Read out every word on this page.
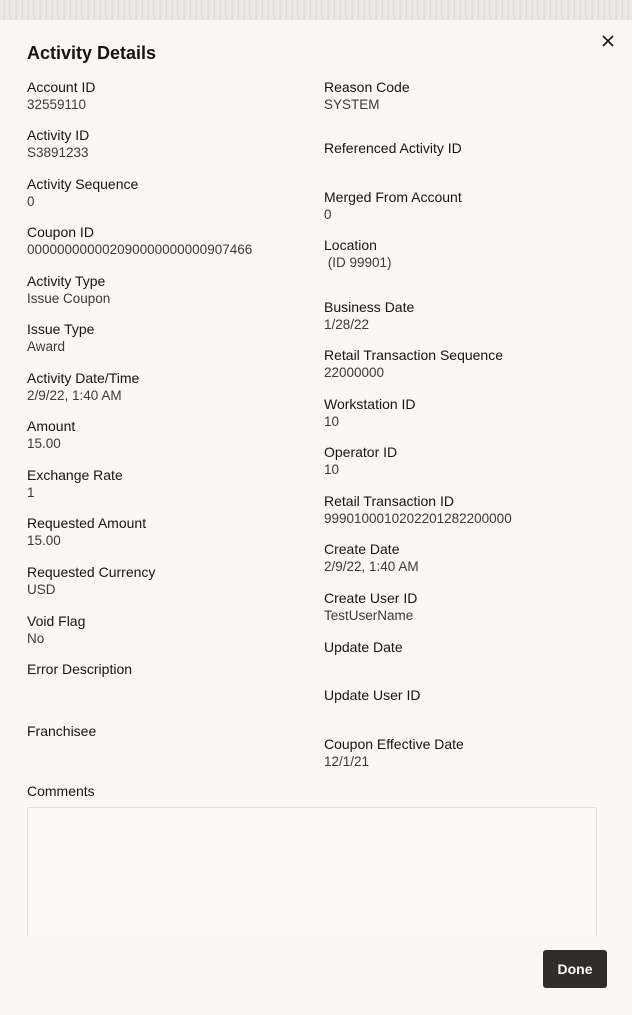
Activity Details
Account ID
32559110
Activity ID
S3891233
Activity Sequence
0
Coupon ID
000000000002090000000000907466
Activity Type
Issue Coupon
Issue Type
Award
Activity Date/Time
2/9/22, 1:40 AM
Amount
15.00
Exchange Rate
1
Requested Amount
15.00
Requested Currency
USD
Void Flag
No
Error Description
Franchisee
Reason Code
SYSTEM
Referenced Activity ID
Merged From Account
0
Location
(ID 99901)
Business Date
1/28/22
Retail Transaction Sequence
22000000
Workstation ID
10
Operator ID
10
Retail Transaction ID
9990100010202201282200000
Create Date
2/9/22, 1:40 AM
Create User ID
TestUserName
Update Date
Update User ID
Coupon Effective Date
12/1/21
Comments
Done
